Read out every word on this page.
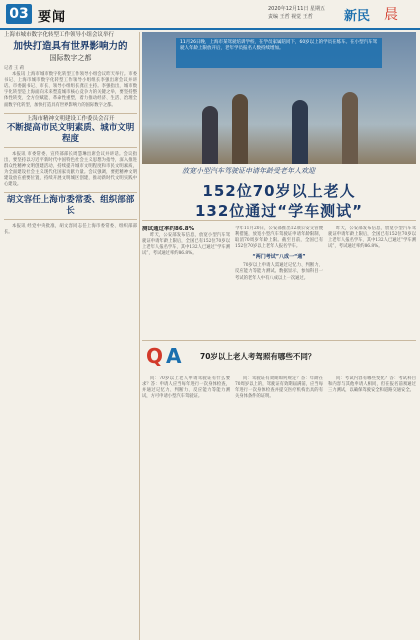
03 要闻
2020年12月11日 星期五
责编 王哲 视觉 王哲 新民 晨
上海市城市数字化转型工作领导小组会议举行
加快打造具有世界影响力的
国际数字之都
记者 王 莉
本报讯 上海市城市数字化转型工作领导小组会议昨天举行。市委书记、上海市城市数字化转型工作领导小组组长李强出席会议并讲话。市委副书记、市长、领导小组组长龚正主持。李强指出，城市数字化转型是上海面向未来塑造城市核心竞争力的关键之举，要坚持整体性转变、全方位赋能、革命性重塑，着力推动经济、生活、治理全面数字化转型，加快打造具有世界影响力的国际数字之都。
上海市精神文明建设工作委员会召开
不断提高市民文明素质、城市文明程度
本报讯 市委常委、宣传部部长周慧琳出席会议并讲话。会议指出，要坚持以习近平新时代中国特色社会主义思想为指导，深入推进群众性精神文明创建活动，持续提升城市文明程度和市民文明素质，为全面建设社会主义现代化国家贡献力量。会议强调，要把精神文明建设放在重要位置，持续开展文明城区创建，推动新时代文明实践中心建设。
胡文容任上海市委常委、组织部部长
本报讯 经党中央批准，胡文容同志任上海市委常委、组织部部长。
11月26日晚，上海市某驾驶培训学校，在学员家属陪同下，60岁以上的学员在练车。在小型汽车驾驶人年龄上限放开后，老年学员报名人数持续增加。
放宽小型汽车驾驶证申请年龄受老年人欢迎
152位70岁以上老人
132位通过“学车测试”
测试通过率约86.8%
昨天，公安部发布信息，放宽小型汽车驾驶证申请年龄上限后，全国已有152位70岁以上老年人报名学车，其中132人已通过“学车测试”，考试通过率约86.8%。
今年11月20日，公安部推出12项公安交管便利措施，放宽小型汽车驾驶证申请年龄限制，取消70周岁年龄上限。截至目前，全国已有152位70岁以上老年人报名学车。
“两门考试”八成一“通”
70岁以上申请人需通过记忆力、判断力、反应能力等能力测试。数据显示，参加科目一考试的老年人中有八成以上一次通过。
昨天，公安部发布信息，放宽小型汽车驾驶证申请年龄上限后，全国已有152位70岁以上老年人报名学车，其中132人已通过“学车测试”，考试通过率约86.8%。
Q A 70岁以上老人考驾照有哪些不同？
问：70岁以上老人申请驾驶证有什么要求？答：申请人应当每年进行一次身体检查，并通过记忆力、判断力、反应能力等能力测试，方可申请小型汽车驾驶证。
问：驾驶证有效期如何规定？答：年龄在70周岁以上的，驾驶证有效期届满前，应当每年进行一次身体检查并提交医疗机构出具的有关身体条件的证明。
问：考试内容有哪些变化？答：考试科目和内容与其他申请人相同，但在报名前须通过三力测试，以确保驾驶安全和道路交通安全。
